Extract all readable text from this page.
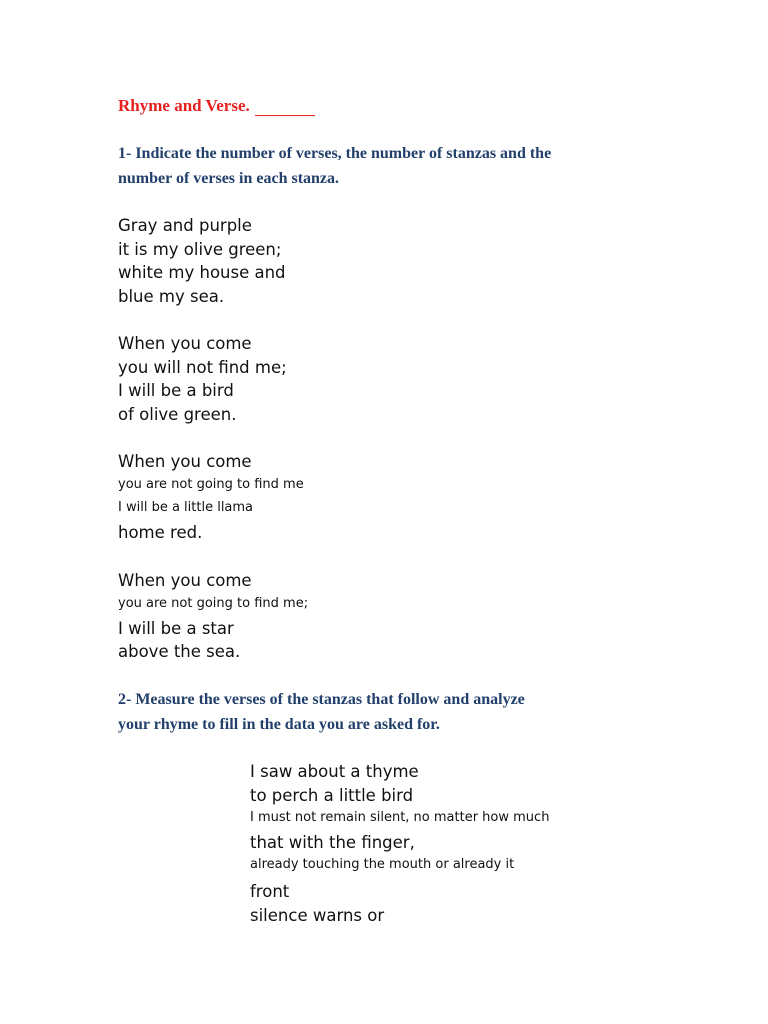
Rhyme and Verse.

1- Indicate the number of verses, the number of stanzas and the number of verses in each stanza.

Gray and purple
it is my olive green;
white my house and
blue my sea.
When you come
you will not find me;
I will be a bird
of olive green.
When you come
you are not going to find me
I will be a little llama
home red.
When you come
you are not going to find me;
I will be a star
above the sea.

2- Measure the verses of the stanzas that follow and analyze your rhyme to fill in the data you are asked for.

I saw about a thyme
to perch a little bird
I must not remain silent, no matter how much
that with the finger,
already touching the mouth or already it
front
silence warns or
